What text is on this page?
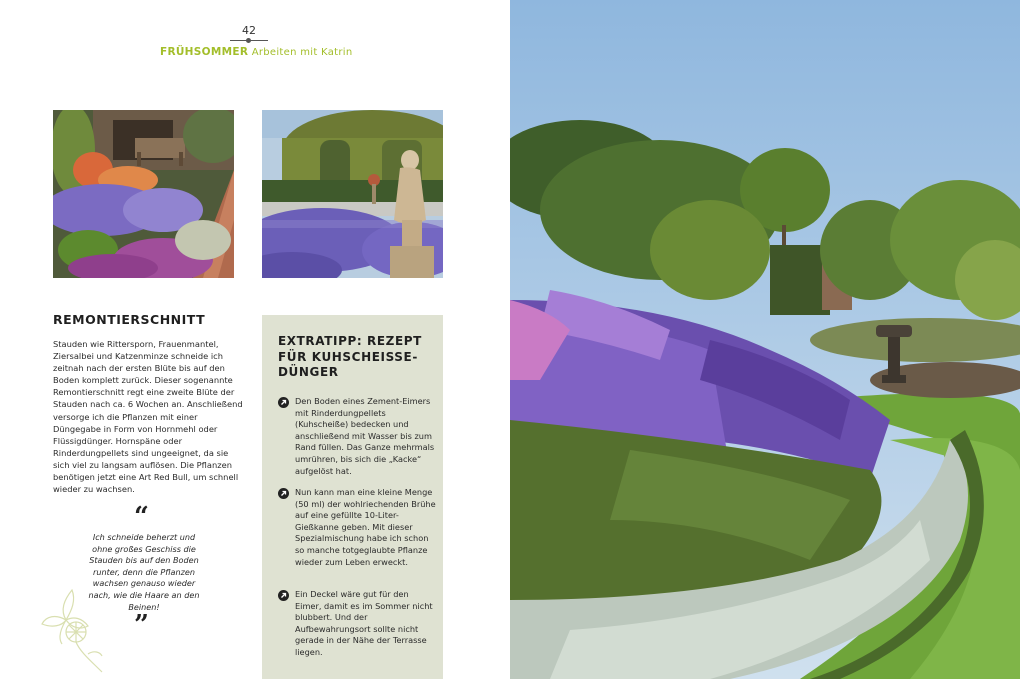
42
FRÜHSOMMER Arbeiten mit Katrin
REMONTIERSCHNITT

Stauden wie Rittersporn, Frauenmantel, Ziersalbei und Katzenminze schneide ich zeitnah nach der ersten Blüte bis auf den Boden komplett zurück. Dieser sogenannte Remontierschnitt regt eine zweite Blüte der Stauden nach ca. 6 Wochen an. Anschließend versorge ich die Pflanzen mit einer Düngegabe in Form von Hornmehl oder Flüssigdünger. Hornspäne oder Rinderdungpellets sind ungeeignet, da sie sich viel zu langsam auflösen. Die Pflanzen benötigen jetzt eine Art Red Bull, um schnell wieder zu wachsen.

“

Ich schneide beherzt und ohne großes Geschiss die Stauden bis auf den Boden runter, denn die Pflanzen wachsen genauso wieder nach, wie die Haare an den Beinen!

”
EXTRATIPP: REZEPT FÜR KUHSCHEISSE-DÜNGER

Den Boden eines Zement-Eimers mit Rinderdungpellets (Kuhscheiße) bedecken und anschließend mit Wasser bis zum Rand füllen. Das Ganze mehrmals umrühren, bis sich die „Kacke“ aufgelöst hat.

Nun kann man eine kleine Menge (50 ml) der wohlriechenden Brühe auf eine gefüllte 10-Liter-Gießkanne geben. Mit dieser Spezialmischung habe ich schon so manche totgeglaubte Pflanze wieder zum Leben erweckt.

Ein Deckel wäre gut für den Eimer, damit es im Sommer nicht blubbert. Und der Aufbewahrungsort sollte nicht gerade in der Nähe der Terrasse liegen.
